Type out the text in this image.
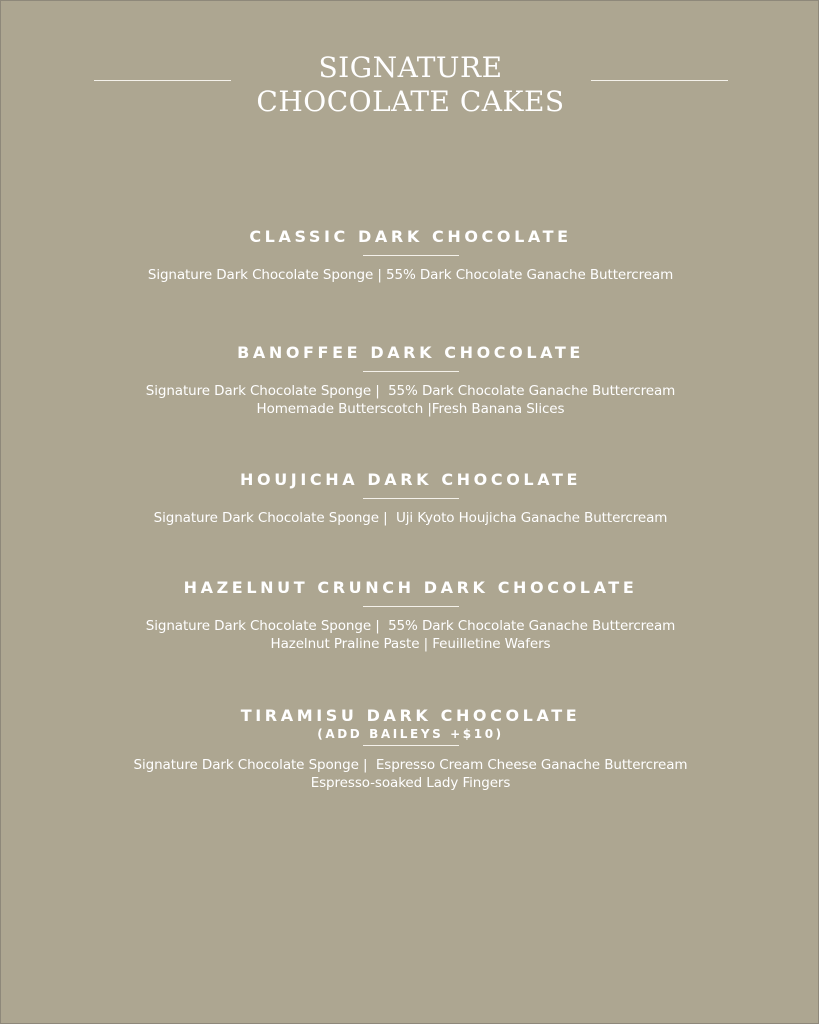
SIGNATURE
CHOCOLATE CAKES
CLASSIC DARK CHOCOLATE
Signature Dark Chocolate Sponge | 55% Dark Chocolate Ganache Buttercream
BANOFFEE DARK CHOCOLATE
Signature Dark Chocolate Sponge |  55% Dark Chocolate Ganache Buttercream
Homemade Butterscotch |Fresh Banana Slices
HOUJICHA DARK CHOCOLATE
Signature Dark Chocolate Sponge |  Uji Kyoto Houjicha Ganache Buttercream
HAZELNUT CRUNCH DARK CHOCOLATE
Signature Dark Chocolate Sponge |  55% Dark Chocolate Ganache Buttercream
Hazelnut Praline Paste | Feuilletine Wafers
TIRAMISU DARK CHOCOLATE
(ADD BAILEYS +$10)
Signature Dark Chocolate Sponge |  Espresso Cream Cheese Ganache Buttercream
Espresso-soaked Lady Fingers
